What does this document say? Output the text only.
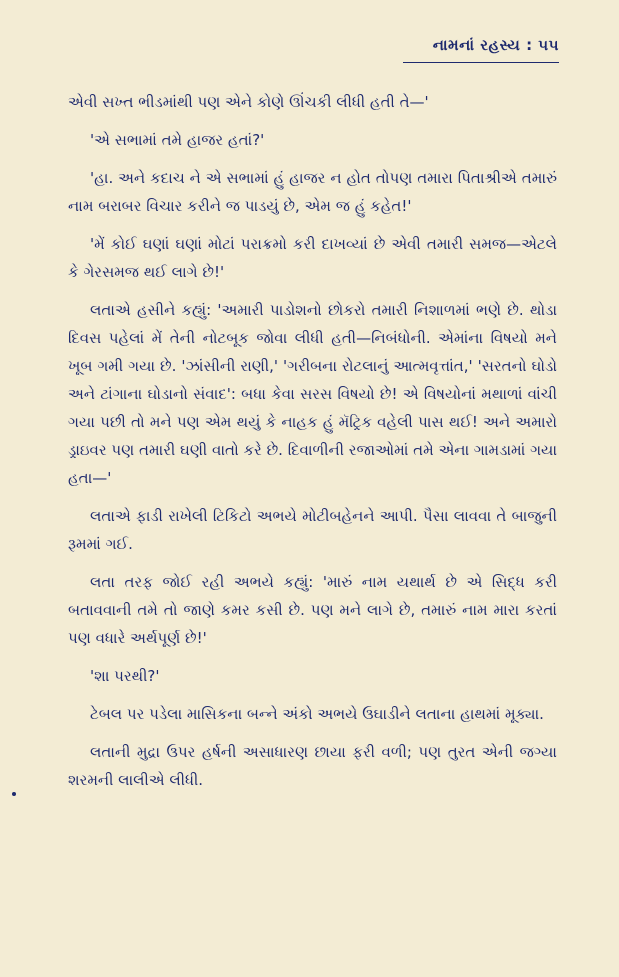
નામનાં રહસ્ય : ૫૫

એવી સખ્ત ભીડમાંથી પણ એને કોણે ઊંચકી લીધી હતી તે—'

'એ સભામાં તમે હાજર હતાં?'

'હા. અને કદાચ ને એ સભામાં હું હાજર ન હોત તોપણ તમારા પિતાશ્રીએ તમારું નામ બરાબર વિચાર કરીને જ પાડયું છે, એમ જ હું કહેત!'

'મેં કોઈ ઘણાં ઘણાં મોટાં પરાક્રમો કરી દાખવ્યાં છે એવી તમારી સમજ—એટલે કે ગેરસમજ થઈ લાગે છે!'

લતાએ હસીને કહ્યું: 'અમારી પાડોશનો છોકરો તમારી નિશાળમાં ભણે છે. થોડા દિવસ પહેલાં મેં તેની નોટબૂક જોવા લીધી હતી—નિબંધોની. એમાંના વિષયો મને ખૂબ ગમી ગયા છે. 'ઝાંસીની રાણી,' 'ગરીબના રોટલાનું આત્મવૃત્તાંત,' 'સરતનો ઘોડો અને ટાંગાના ઘોડાનો સંવાદ': બધા કેવા સરસ વિષયો છે! એ વિષયોનાં મથાળાં વાંચી ગયા પછી તો મને પણ એમ થયું કે નાહક હું મૅટ્રિક વહેલી પાસ થઈ! અને અમારો ડ્રાઇવર પણ તમારી ઘણી વાતો કરે છે. દિવાળીની રજાઓમાં તમે એના ગામડામાં ગયા હતા—'

લતાએ ફાડી રાખેલી ટિકિટો અભયે મોટીબહેનને આપી. પૈસા લાવવા તે બાજુની રૂમમાં ગઈ.

લતા તરફ જોઈ રહી અભયે કહ્યું: 'મારું નામ યથાર્થ છે એ સિદ્ધ કરી બતાવવાની તમે તો જાણે કમર કસી છે. પણ મને લાગે છે, તમારું નામ મારા કરતાં પણ વધારે અર્થપૂર્ણ છે!'

'શા પરથી?'

ટેબલ પર પડેલા માસિકના બન્ને અંકો અભયે ઉઘાડીને લતાના હાથમાં મૂક્યા.

લતાની મુદ્રા ઉપર હર્ષની અસાધારણ છાયા ફરી વળી; પણ તુરત એની જગ્યા શરમની લાલીએ લીધી.
